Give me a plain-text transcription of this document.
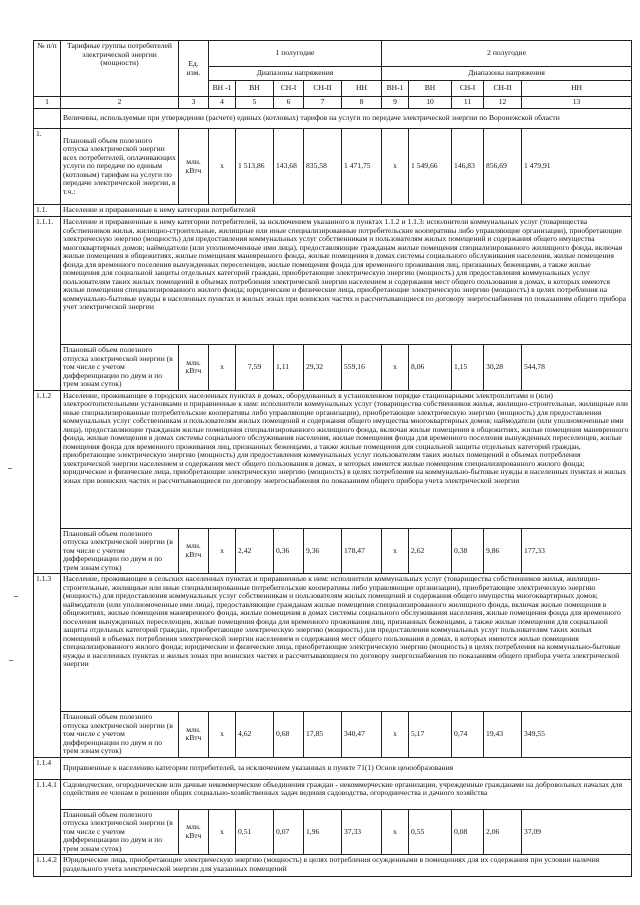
№ п/п	Тарифные группы потребителей электрической энергии (мощности)	Ед. изм.	1 полугодие					2 полугодие				
			Диапазоны напряжения					Диапазоны напряжения				
			ВН -1	ВН	СН-I	СН-II	НН	ВН-1	ВН	СН-I	СН-II	НН
1	2	3	4	5	6	7	8	9	10	11	12	13
	Величины, используемые при утверждении (расчете) единых (котловых) тарифов на услуги по передаче электрической энергии по Воронежской области											
1.	Плановый объем полезного отпуска электрической энергии всех потребителей, оплачивающих услуги по передаче по единым (котловым) тарифам на услуги по передаче электрической энергии, в т.ч.:	млн. кВтч	х	1 513,86	143,68	835,58	1 471,75	х	1 549,66	146,83	856,69	1 479,91
1.1.	Население и приравненные к нему категории потребителей											
1.1.1.	Население и приравненные к нему категории потребителей, за исключением указанного в пунктах 1.1.2 и 1.1.3: исполнители коммунальных услуг (товарищества собственников жилья, жилищно-строительные, жилищные или иные специализированные потребительские кооперативы либо управляющие организации), приобретающие электрическую энергию (мощность) для предоставления коммунальных услуг собственникам и пользователям жилых помещений и содержания общего имущества многоквартирных домов; наймодатели (или уполномоченные ими лица), предоставляющие гражданам жилые помещения специализированного жилищного фонда, включая жилые помещения в общежитиях, жилые помещения маневренного фонда, жилые помещения в домах системы социального обслуживания населения, жилые помещения фонда для временного поселения вынужденных переселенцев, жилые помещения фонда для временного проживания лиц, признанных беженцами, а также жилые помещения для социальной защиты отдельных категорий граждан, приобретающие электрическую энергию (мощность) для предоставления коммунальных услуг пользователям таких жилых помещений в объемах потребления электрической энергии населением и содержания мест общего пользования в домах, в которых имеются жилые помещения специализированного жилого фонда; юридические и физические лица, приобретающие электрическую энергию (мощность) в целях потребления на коммунально-бытовые нужды в населенных пунктах и жилых зонах при воинских частях и рассчитывающиеся по договору энергоснабжения по показаниям общего прибора учет электрической энергии											
	Плановый объем полезного отпуска электрической энергии (в том числе с учетом дифференциации по двум и по трем зонам суток)	млн. кВтч	х	7,59	1,11	29,32	559,16	х	8,06	1,15	30,28	544,78
1.1.2	Население, проживающее в городских населенных пунктах в домах, оборудованных в установленном порядке стационарными электроплитами и (или) электроотопительными установками и приравненные к ним: исполнители коммунальных услуг (товарищества собственников жилья, жилищно-строительные, жилищные или иные специализированные потребительские кооперативы либо управляющие организации), приобретающие электрическую энергию (мощность) для предоставления коммунальных услуг собственникам и пользователям жилых помещений и содержания общего имущества многоквартирных домов; наймодатели (или уполномоченные ими лица), предоставляющие гражданам жилые помещения специализированного жилищного фонда, включая жилые помещения в общежитиях, жилые помещения маневренного фонда, жилые помещения в домах системы социального обслуживания населения, жилые помещения фонда для временного поселения вынужденных переселенцев, жилые помещения фонда для временного проживания лиц, признанных беженцами, а также жилые помещения для социальной защиты отдельных категорий граждан, приобретающие электрическую энергию (мощность) для предоставления коммунальных услуг пользователям таких жилых помещений в объемах потребления электрической энергии населением и содержания мест общего пользования в домах, в которых имеются жилые помещения специализированного жилого фонда; юридические и физические лица, приобретающие электрическую энергию (мощность) в целях потребления на коммунально-бытовые нужды в населенных пунктах и жилых зонах при воинских частях и рассчитывающиеся по договору энергоснабжения по показаниям общего прибора учета электрической энергии											
	Плановый объем полезного отпуска электрической энергии (в том числе с учетом дифференциации по двум и по трем зонам суток)	млн. кВтч	х	2,42	0,36	9,36	178,47	х	2,62	0,38	9,86	177,33
1.1.3	Население, проживающее в сельских населенных пунктах и приравненные к ним: исполнители коммунальных услуг (товарищества собственников жилья, жилищно-строительные, жилищные или иные специализированные потребительские кооперативы либо управляющие организации), приобретающие электрическую энергию (мощность) для предоставления коммунальных услуг собственникам и пользователям жилых помещений и содержания общего имущества многоквартирных домов; наймодатели (или уполномоченные ими лица), предоставляющие гражданам жилые помещения специализированного жилищного фонда, включая жилые помещения в общежитиях, жилые помещения маневренного фонда, жилые помещения в домах системы социального обслуживания населения, жилые помещения фонда для временного поселения вынужденных переселенцев, жилые помещения фонда для временного проживания лиц, признанных беженцами, а также жилые помещения для социальной защиты отдельных категорий граждан, приобретающие электрическую энергию (мощность) для предоставления коммунальных услуг пользователям таких жилых помещений в объемах потребления электрической энергии населением и содержания мест общего пользования в домах, в которых имеются жилые помещения специализированного жилого фонда; юридические и физические лица, приобретающие электрическую энергию (мощность) в целях потребления на коммунально-бытовые нужды в населенных пунктах и жилых зонах при воинских частях и рассчитывающиеся по договору энергоснабжения по показаниям общего прибора учета электрической энергии											
	Плановый объем полезного отпуска электрической энергии (в том числе с учетом дифференциации по двум и по трем зонам суток)	млн. кВтч	х	4,62	0,68	17,85	340,47	х	5,17	0,74	19,43	349,55
1.1.4	Приравненные к населению категории потребителей, за исключением указанных в пункте 71(1) Основ ценообразования											
1.1.4.1	Садоводческие, огороднические или дачные некоммерческие объединения граждан - некоммерческие организации, учрежденные гражданами на добровольных началах для содействия ее членам в решении общих социально-хозяйственных задач ведения садоводства, огородничества и дачного хозяйства											
	Плановый объем полезного отпуска электрической энергии (в том числе с учетом дифференциации по двум и по трем зонам суток)	млн. кВтч	х	0,51	0,07	1,96	37,33	х	0,55	0,08	2,06	37,09
1.1.4.2	Юридические лица, приобретающие электрическую энергию (мощность) в целях потребления осужденными в помещениях для их содержания при условии наличия раздельного учета электрической энергии для указанных помещений											
